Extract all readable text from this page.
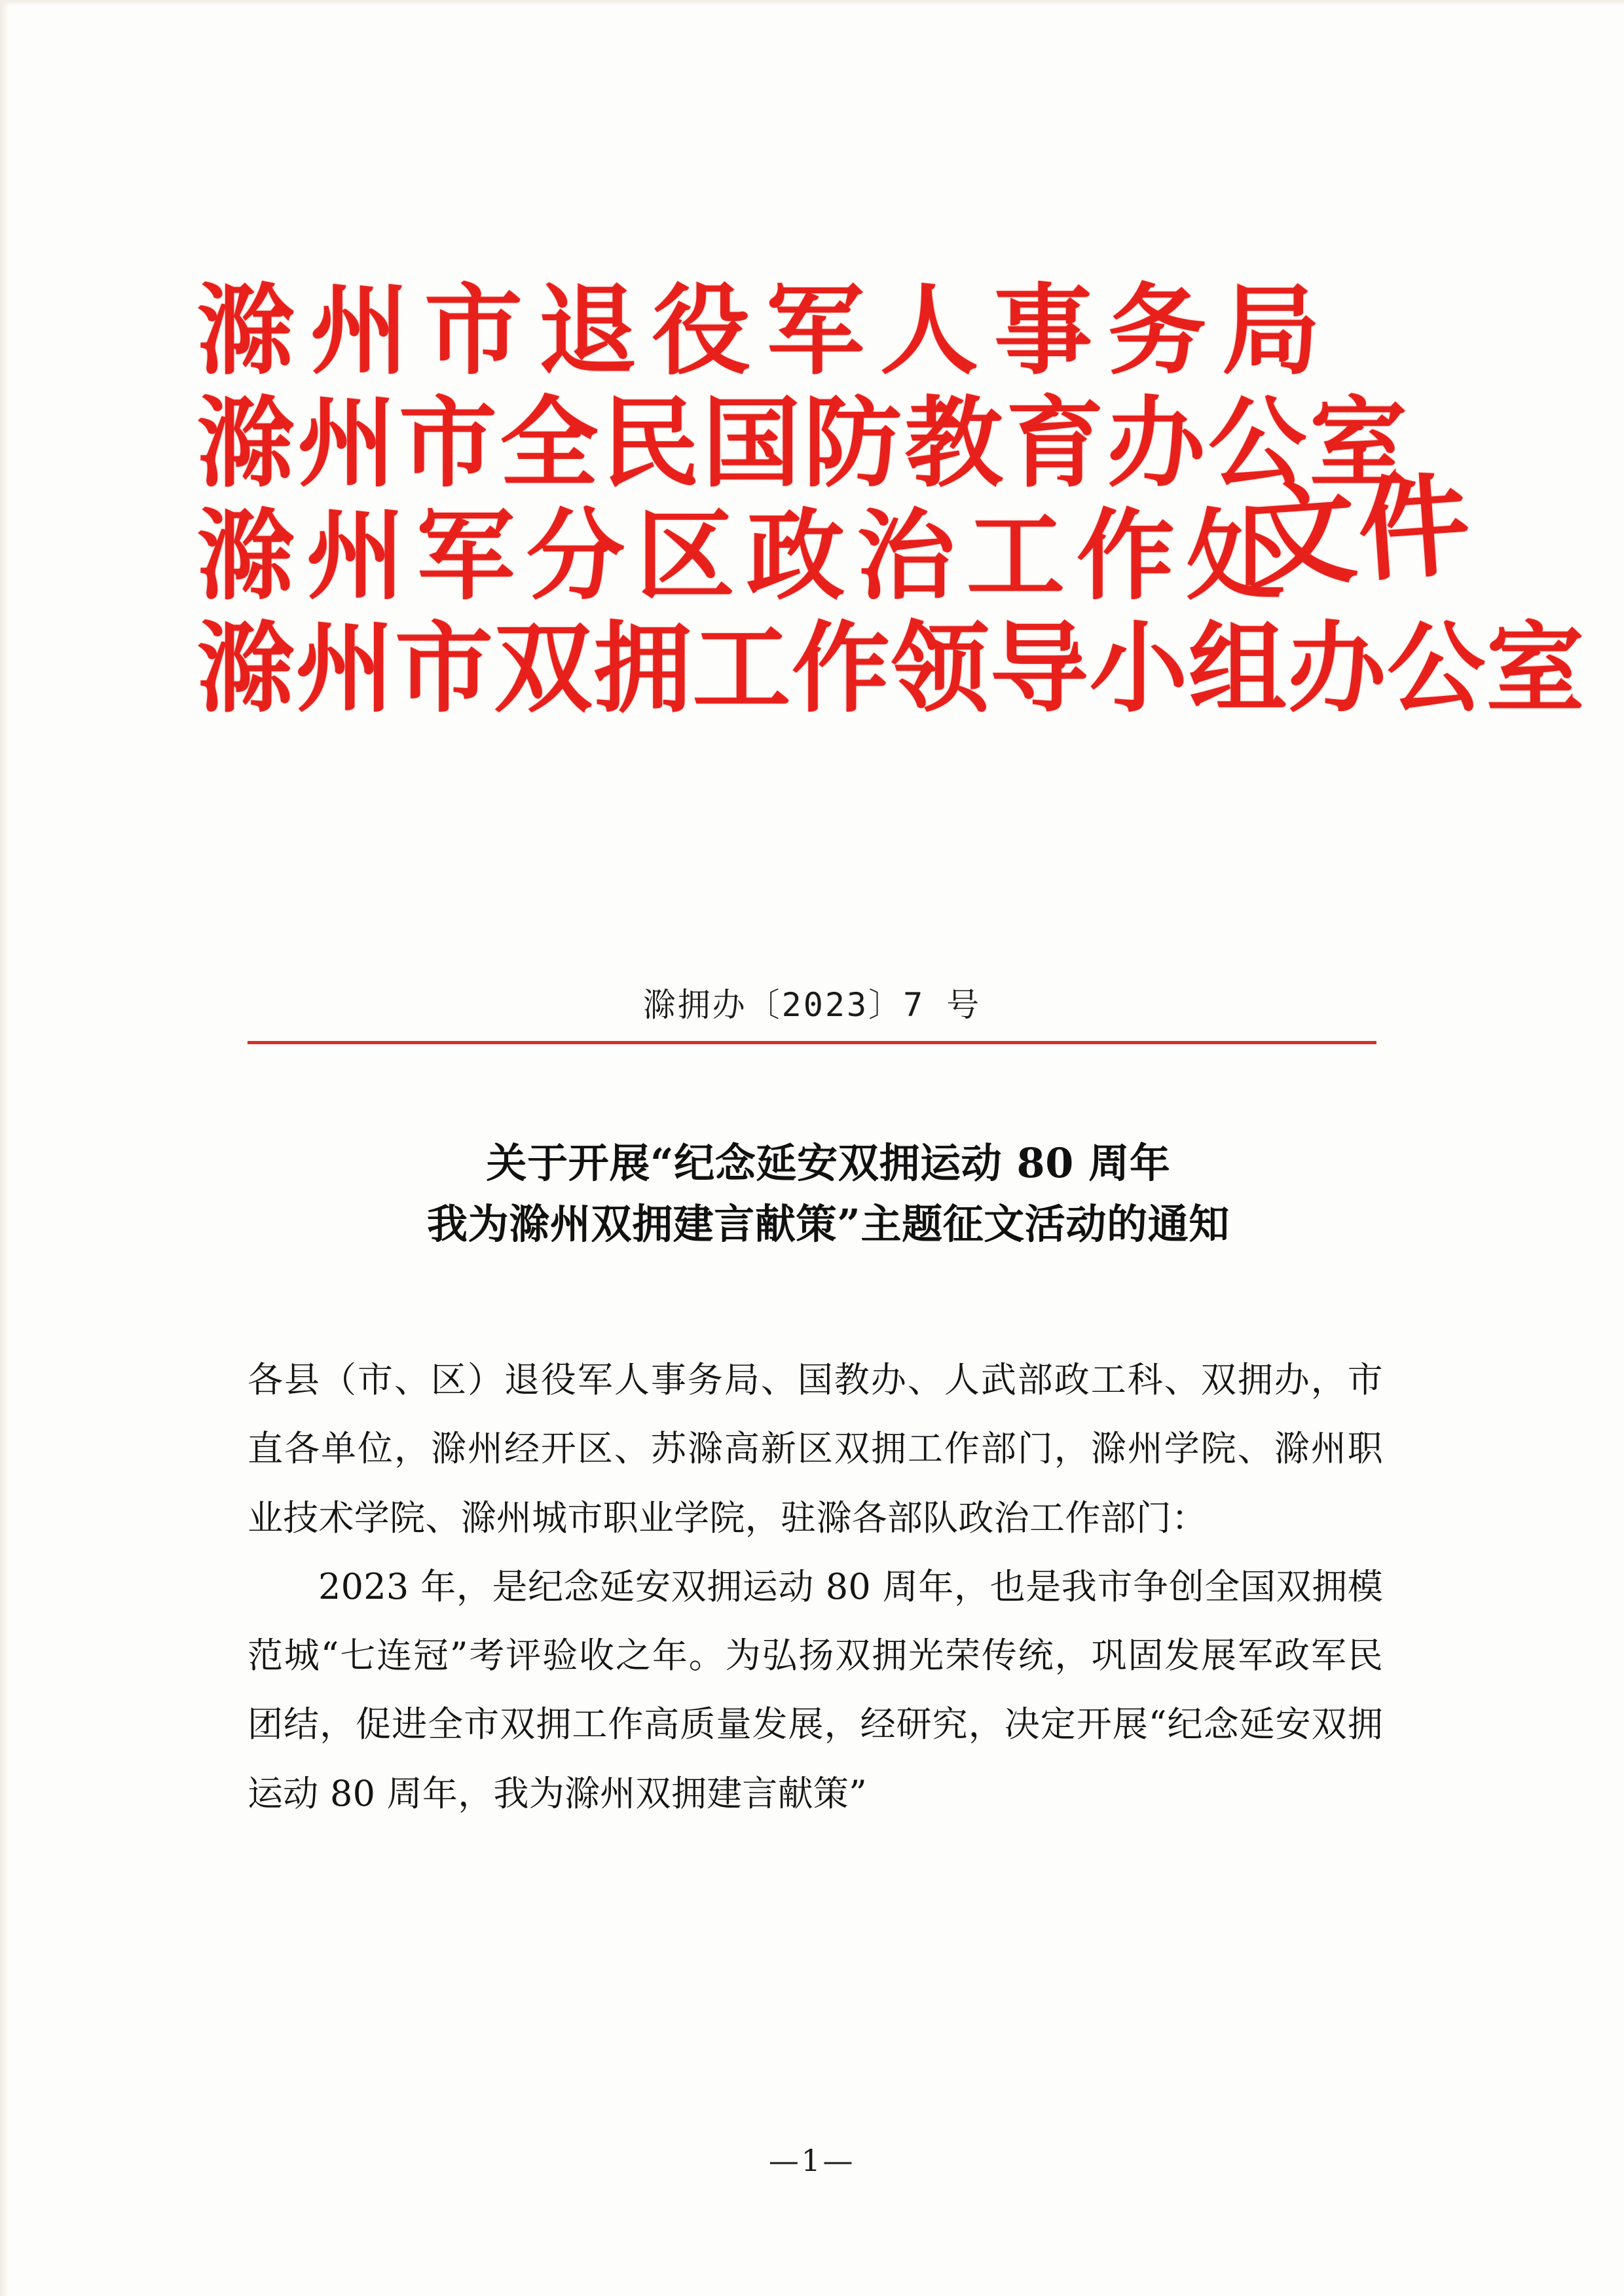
滁州市退役军人事务局
滁州市全民国防教育办公室
滁州军分区政治工作处
滁州市双拥工作领导小组办公室
文件
滁拥办〔2023〕7 号
关于开展“纪念延安双拥运动 80 周年
我为滁州双拥建言献策”主题征文活动的通知

各县（市、区）退役军人事务局、国教办、人武部政工科、双拥办，市直各单位，滁州经开区、苏滁高新区双拥工作部门，滁州学院、滁州职业技术学院、滁州城市职业学院，驻滁各部队政治工作部门：

2023 年，是纪念延安双拥运动 80 周年，也是我市争创全国双拥模范城“七连冠”考评验收之年。为弘扬双拥光荣传统，巩固发展军政军民团结，促进全市双拥工作高质量发展，经研究，决定开展“纪念延安双拥运动 80 周年，我为滁州双拥建言献策”

—1—
